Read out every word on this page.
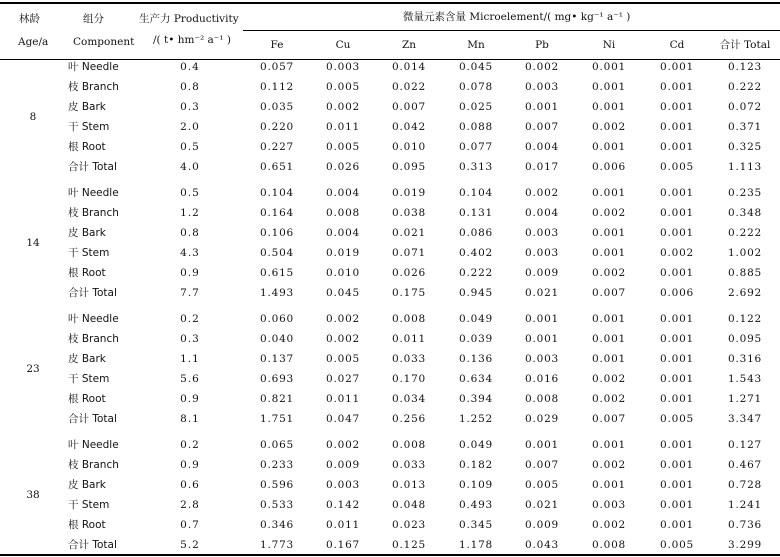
林龄
Age/a
组分
Component
生产力 Productivity
/( t• hm⁻² a⁻¹ )
微量元素含量 Microelement/( mg• kg⁻¹ a⁻¹ )
Fe	Cu	Zn	Mn	Pb	Ni	Cd	合计 Total
8
叶 Needle	0.4	0.057	0.003	0.014	0.045	0.002	0.001	0.001	0.123
枝 Branch	0.8	0.112	0.005	0.022	0.078	0.003	0.001	0.001	0.222
皮 Bark	0.3	0.035	0.002	0.007	0.025	0.001	0.001	0.001	0.072
干 Stem	2.0	0.220	0.011	0.042	0.088	0.007	0.002	0.001	0.371
根 Root	0.5	0.227	0.005	0.010	0.077	0.004	0.001	0.001	0.325
合计 Total	4.0	0.651	0.026	0.095	0.313	0.017	0.006	0.005	1.113
14
叶 Needle	0.5	0.104	0.004	0.019	0.104	0.002	0.001	0.001	0.235
枝 Branch	1.2	0.164	0.008	0.038	0.131	0.004	0.002	0.001	0.348
皮 Bark	0.8	0.106	0.004	0.021	0.086	0.003	0.001	0.001	0.222
干 Stem	4.3	0.504	0.019	0.071	0.402	0.003	0.001	0.002	1.002
根 Root	0.9	0.615	0.010	0.026	0.222	0.009	0.002	0.001	0.885
合计 Total	7.7	1.493	0.045	0.175	0.945	0.021	0.007	0.006	2.692
23
叶 Needle	0.2	0.060	0.002	0.008	0.049	0.001	0.001	0.001	0.122
枝 Branch	0.3	0.040	0.002	0.011	0.039	0.001	0.001	0.001	0.095
皮 Bark	1.1	0.137	0.005	0.033	0.136	0.003	0.001	0.001	0.316
干 Stem	5.6	0.693	0.027	0.170	0.634	0.016	0.002	0.001	1.543
根 Root	0.9	0.821	0.011	0.034	0.394	0.008	0.002	0.001	1.271
合计 Total	8.1	1.751	0.047	0.256	1.252	0.029	0.007	0.005	3.347
38
叶 Needle	0.2	0.065	0.002	0.008	0.049	0.001	0.001	0.001	0.127
枝 Branch	0.9	0.233	0.009	0.033	0.182	0.007	0.002	0.001	0.467
皮 Bark	0.6	0.596	0.003	0.013	0.109	0.005	0.001	0.001	0.728
干 Stem	2.8	0.533	0.142	0.048	0.493	0.021	0.003	0.001	1.241
根 Root	0.7	0.346	0.011	0.023	0.345	0.009	0.002	0.001	0.736
合计 Total	5.2	1.773	0.167	0.125	1.178	0.043	0.008	0.005	3.299
